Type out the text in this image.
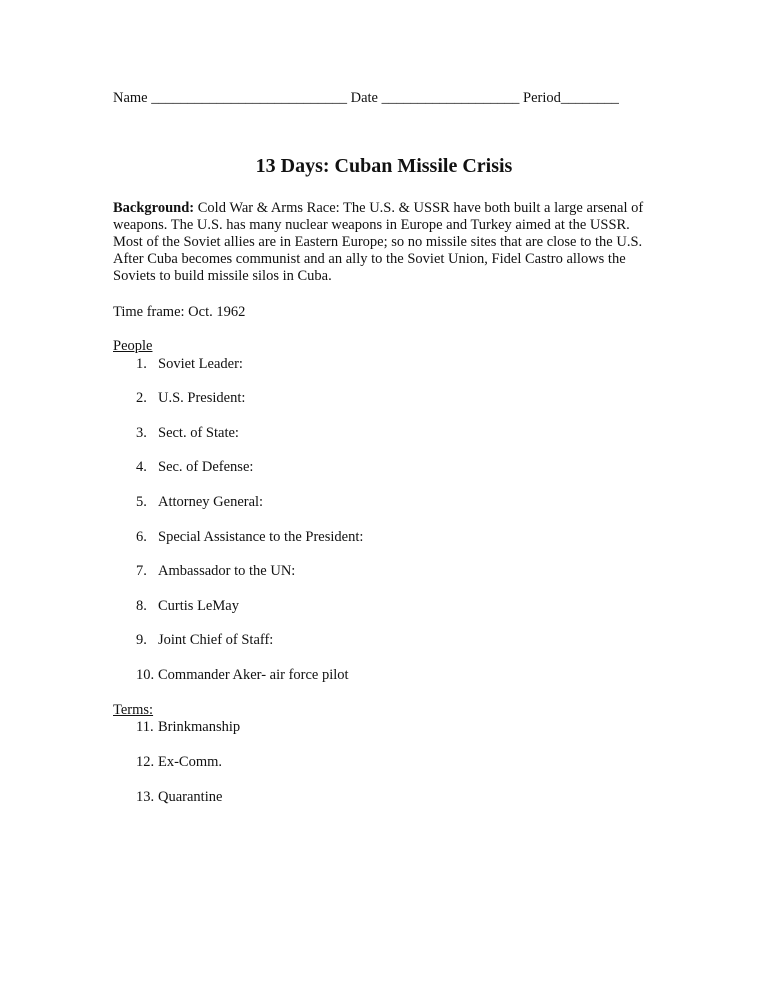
Name ___________________________ Date ___________________ Period________
13 Days: Cuban Missile Crisis
Background: Cold War & Arms Race: The U.S. & USSR have both built a large arsenal of weapons. The U.S. has many nuclear weapons in Europe and Turkey aimed at the USSR. Most of the Soviet allies are in Eastern Europe; so no missile sites that are close to the U.S. After Cuba becomes communist and an ally to the Soviet Union, Fidel Castro allows the Soviets to build missile silos in Cuba.
Time frame: Oct. 1962
People
1. Soviet Leader:
2. U.S. President:
3. Sect. of State:
4. Sec. of Defense:
5. Attorney General:
6. Special Assistance to the President:
7. Ambassador to the UN:
8. Curtis LeMay
9. Joint Chief of Staff:
10. Commander Aker- air force pilot
Terms:
11. Brinkmanship
12. Ex-Comm.
13. Quarantine
